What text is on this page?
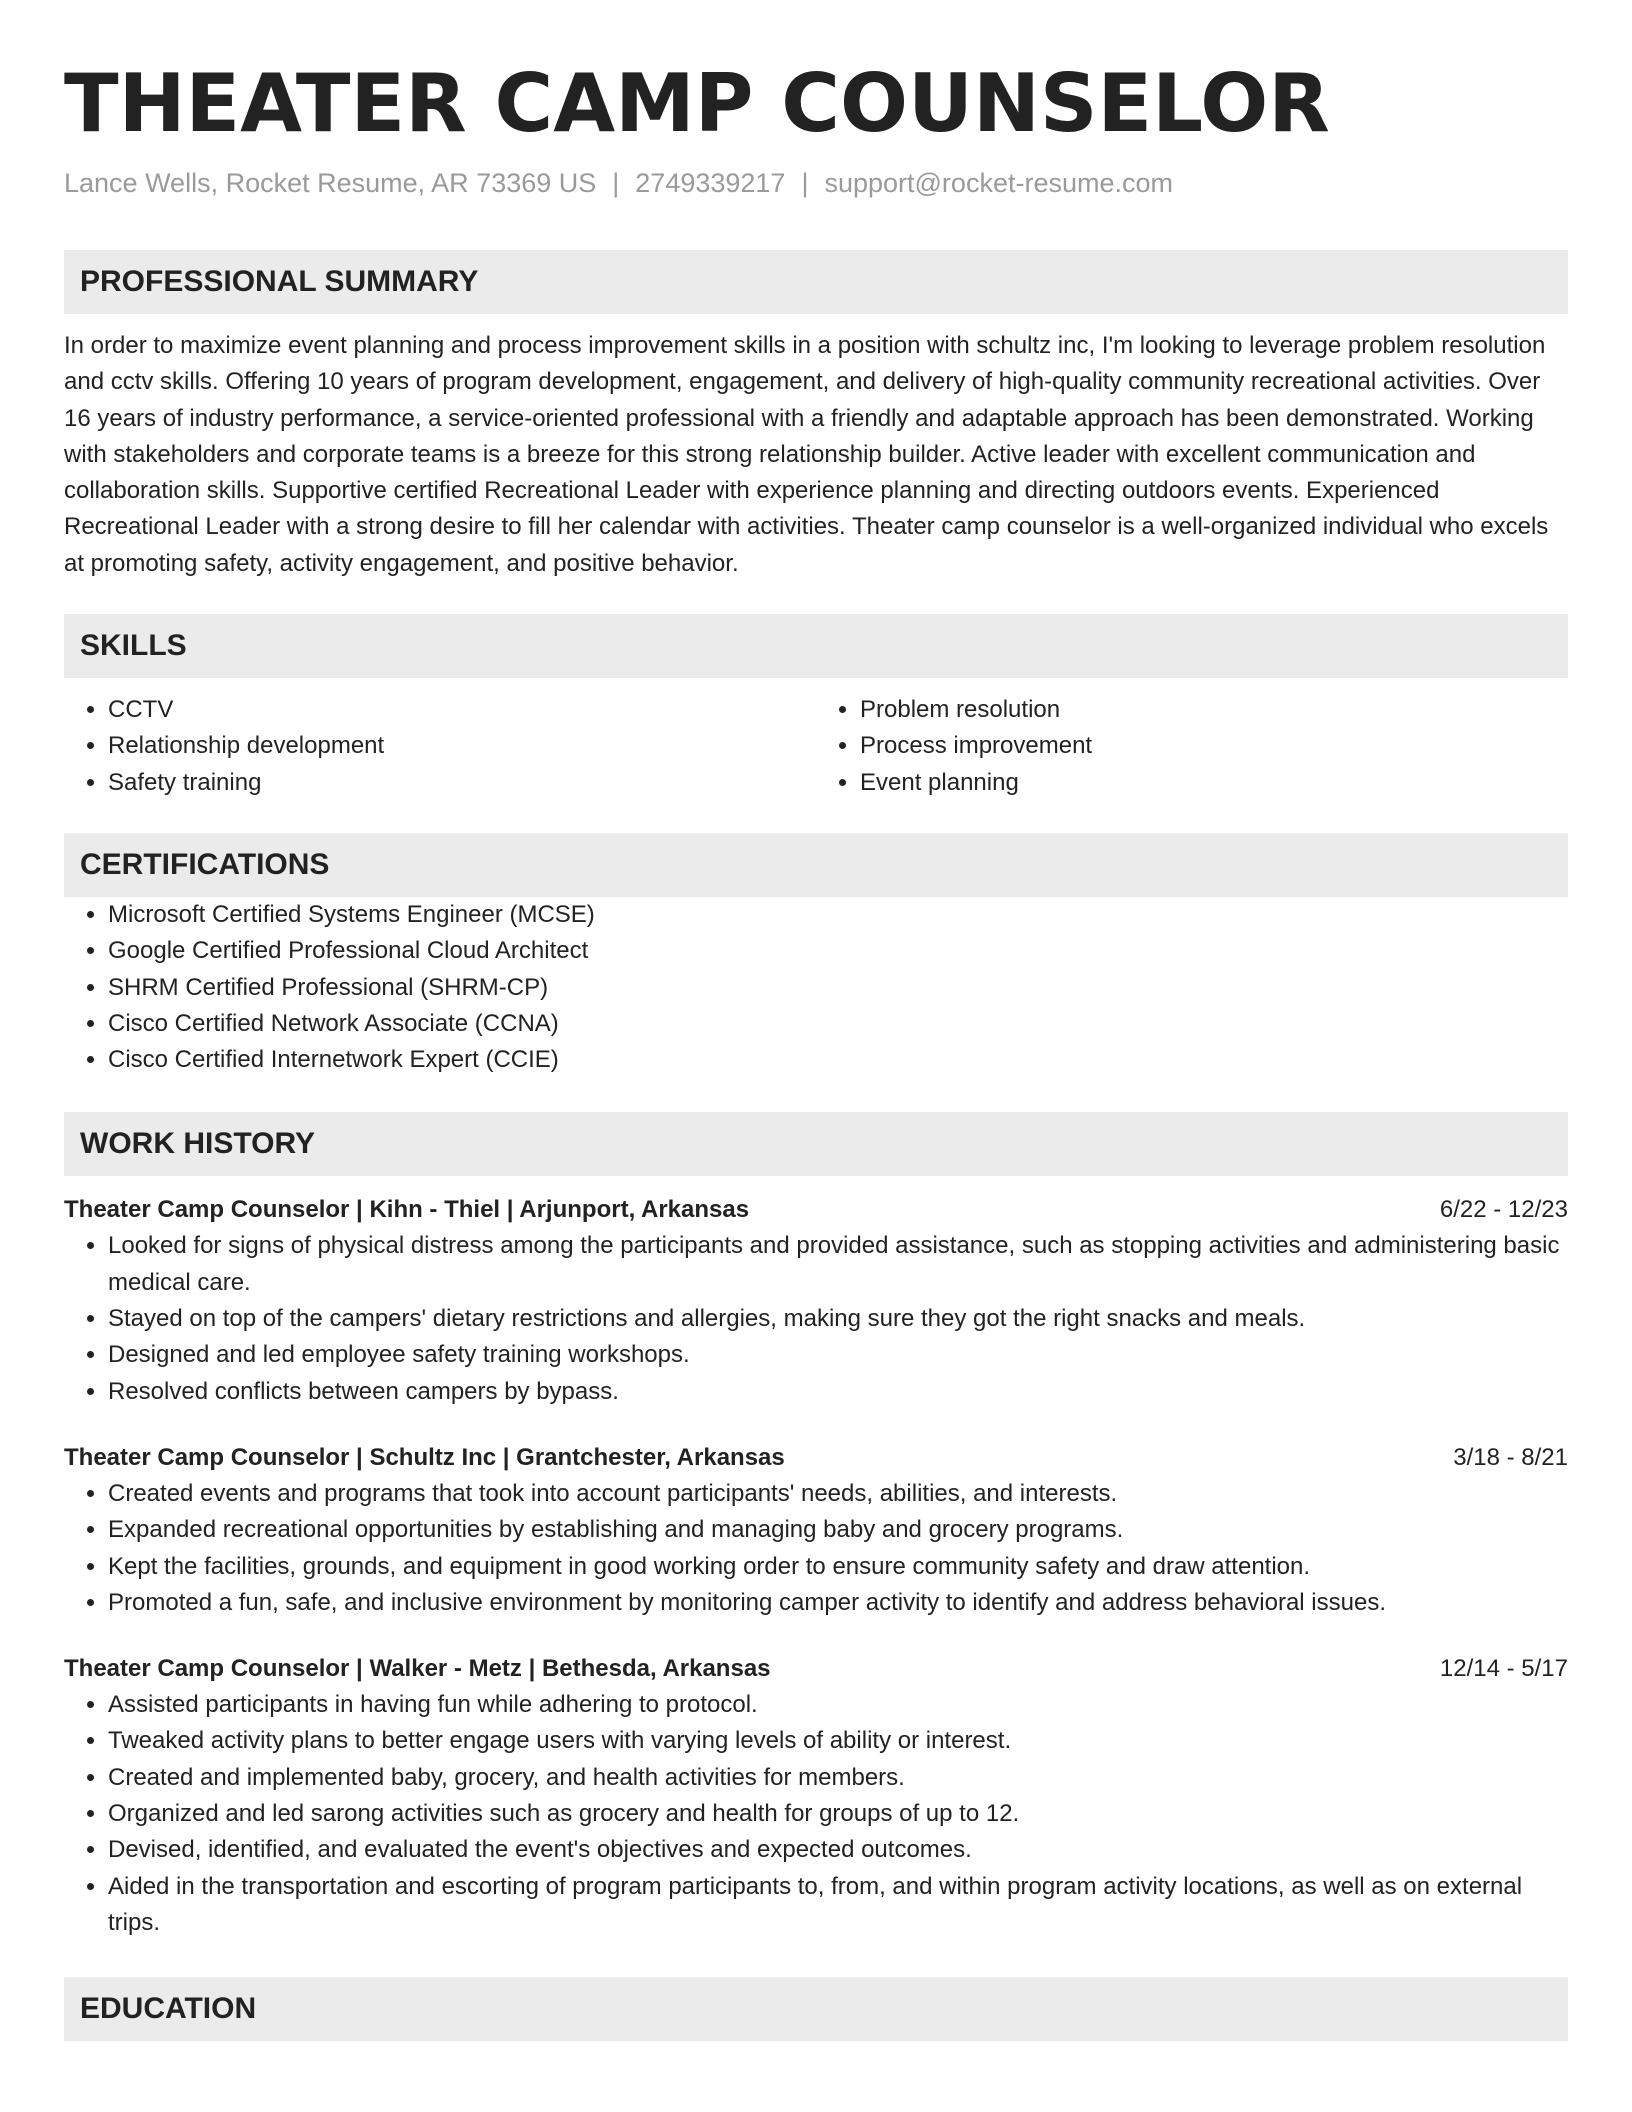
THEATER CAMP COUNSELOR
Lance Wells, Rocket Resume, AR 73369 US | 2749339217 | support@rocket-resume.com
PROFESSIONAL SUMMARY
In order to maximize event planning and process improvement skills in a position with schultz inc, I'm looking to leverage problem resolution and cctv skills. Offering 10 years of program development, engagement, and delivery of high-quality community recreational activities. Over 16 years of industry performance, a service-oriented professional with a friendly and adaptable approach has been demonstrated. Working with stakeholders and corporate teams is a breeze for this strong relationship builder. Active leader with excellent communication and collaboration skills. Supportive certified Recreational Leader with experience planning and directing outdoors events. Experienced Recreational Leader with a strong desire to fill her calendar with activities. Theater camp counselor is a well-organized individual who excels at promoting safety, activity engagement, and positive behavior.
SKILLS
• CCTV
• Relationship development
• Safety training
• Problem resolution
• Process improvement
• Event planning
CERTIFICATIONS
• Microsoft Certified Systems Engineer (MCSE)
• Google Certified Professional Cloud Architect
• SHRM Certified Professional (SHRM-CP)
• Cisco Certified Network Associate (CCNA)
• Cisco Certified Internetwork Expert (CCIE)
WORK HISTORY
Theater Camp Counselor | Kihn - Thiel | Arjunport, Arkansas	6/22 - 12/23
• Looked for signs of physical distress among the participants and provided assistance, such as stopping activities and administering basic medical care.
• Stayed on top of the campers' dietary restrictions and allergies, making sure they got the right snacks and meals.
• Designed and led employee safety training workshops.
• Resolved conflicts between campers by bypass.
Theater Camp Counselor | Schultz Inc | Grantchester, Arkansas	3/18 - 8/21
• Created events and programs that took into account participants' needs, abilities, and interests.
• Expanded recreational opportunities by establishing and managing baby and grocery programs.
• Kept the facilities, grounds, and equipment in good working order to ensure community safety and draw attention.
• Promoted a fun, safe, and inclusive environment by monitoring camper activity to identify and address behavioral issues.
Theater Camp Counselor | Walker - Metz | Bethesda, Arkansas	12/14 - 5/17
• Assisted participants in having fun while adhering to protocol.
• Tweaked activity plans to better engage users with varying levels of ability or interest.
• Created and implemented baby, grocery, and health activities for members.
• Organized and led sarong activities such as grocery and health for groups of up to 12.
• Devised, identified, and evaluated the event's objectives and expected outcomes.
• Aided in the transportation and escorting of program participants to, from, and within program activity locations, as well as on external trips.
EDUCATION
